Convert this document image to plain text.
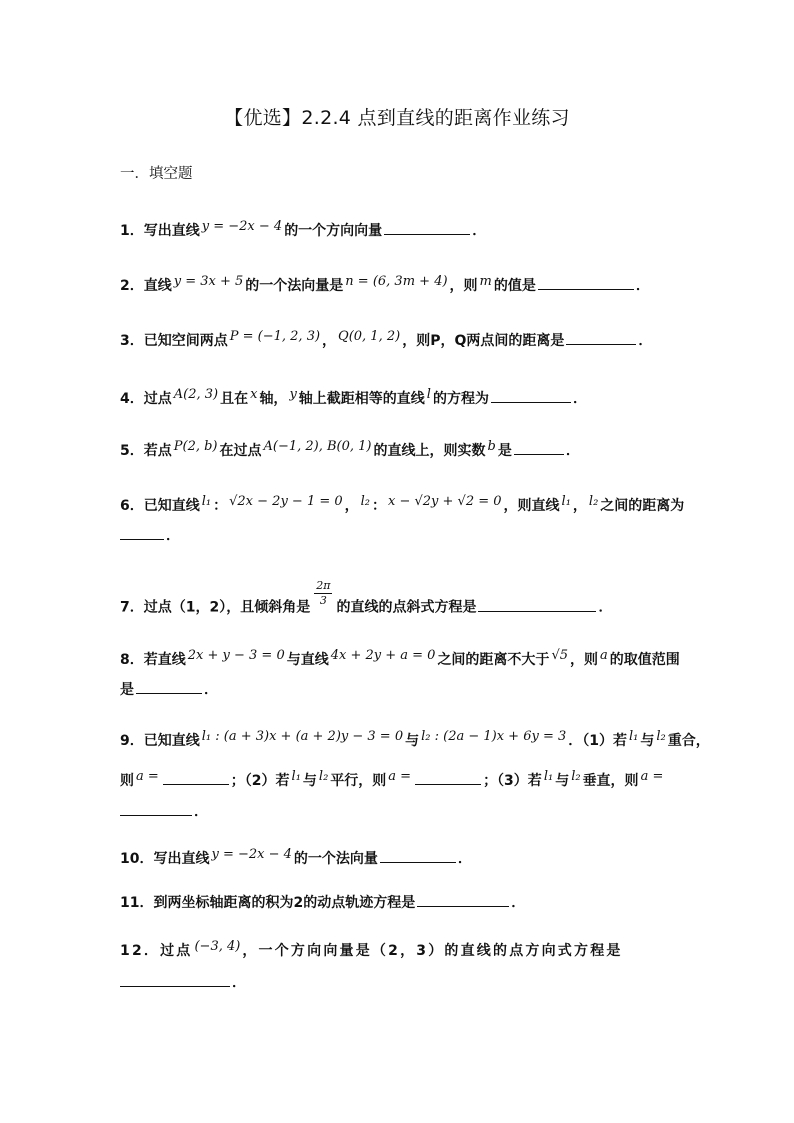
【优选】2.2.4 点到直线的距离作业练习
一．填空题
1．写出直线 y = −2x − 4 的一个方向向量	．
2．直线 y = 3x + 5 的一个法向量是 n = (6, 3m + 4) ，则 m 的值是	．
3．已知空间两点 P = (−1, 2, 3) ， Q(0, 1, 2) ，则P，Q两点间的距离是	．
4．过点 A(2, 3) 且在 x 轴， y 轴上截距相等的直线 l 的方程为	．
5．若点 P(2, b) 在过点 A(−1, 2), B(0, 1) 的直线上，则实数 b 是	．
6．已知直线 l₁ ： √2x − 2y − 1 = 0 ， l₂ ： x − √2y + √2 = 0 ，则直线 l₁ ， l₂ 之间的距离为
．
7．过点（1，2），且倾斜角是 $\frac{2\pi}{3}$ 的直线的点斜式方程是	．
8．若直线 2x + y − 3 = 0 与直线 4x + 2y + a = 0 之间的距离不大于 √5 ，则 a 的取值范围
是	．
9．已知直线 l₁ : (a + 3)x + (a + 2)y − 3 = 0 与 l₂ : (2a − 1)x + 6y = 3 ．（1）若 l₁ 与 l₂ 重合，
则 a =	；（2）若 l₁ 与 l₂ 平行，则 a =	；（3）若 l₁ 与 l₂ 垂直，则 a =
．
10．写出直线 y = −2x − 4 的一个法向量	．
11．到两坐标轴距离的积为2的动点轨迹方程是	．
12．过点 (−3, 4) ，一个方向向量是（2，3）的直线的点方向式方程是
．
